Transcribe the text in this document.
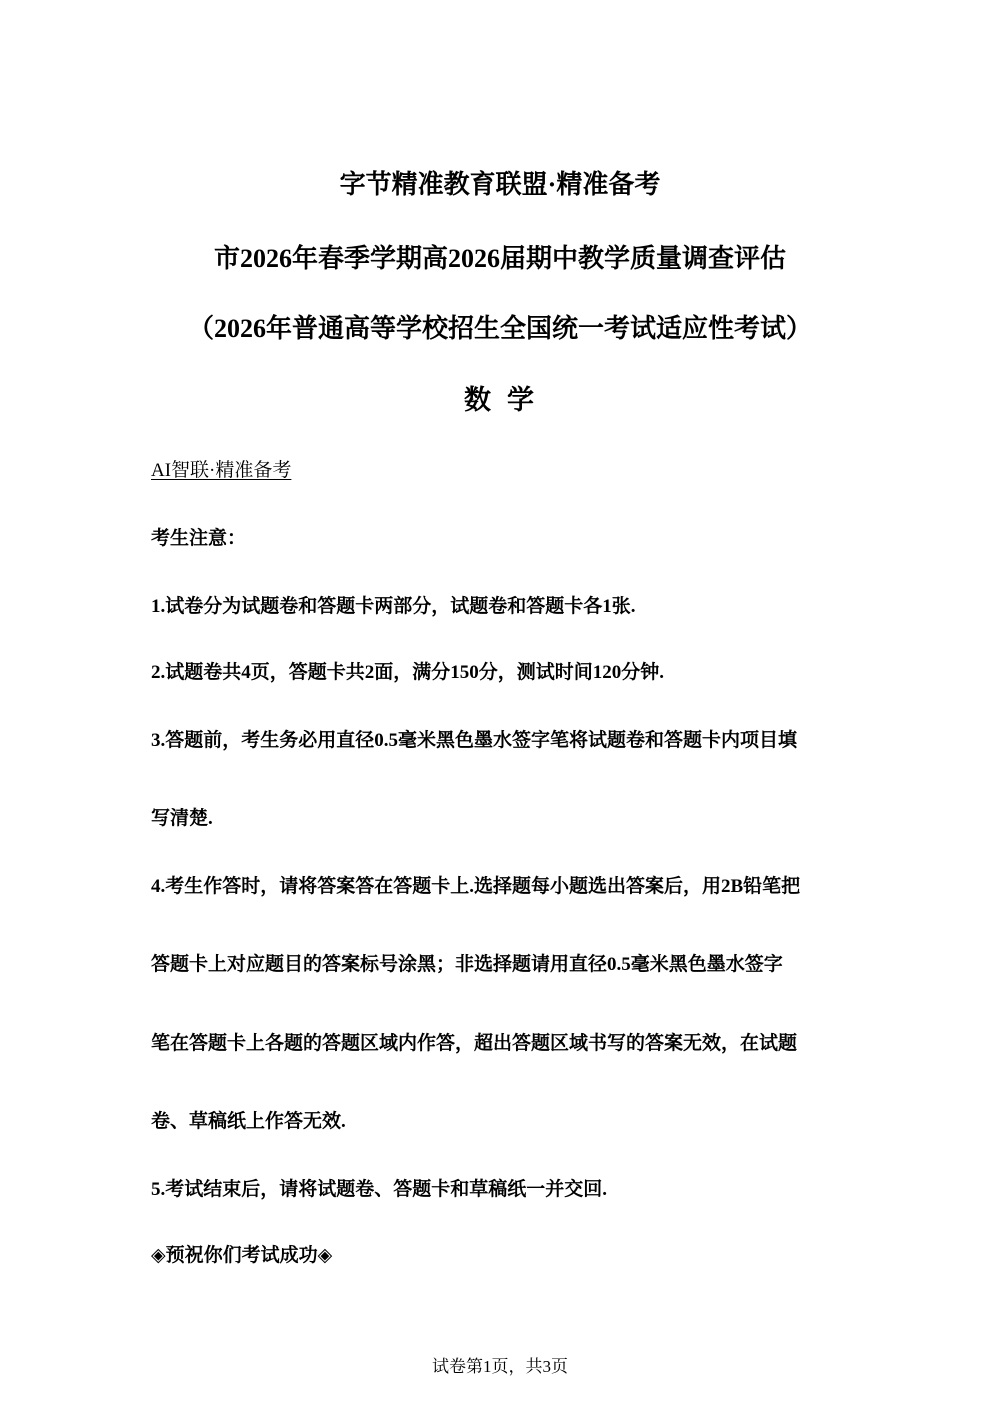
字节精准教育联盟·精准备考
市2026年春季学期高2026届期中教学质量调查评估
（2026年普通高等学校招生全国统一考试适应性考试）
数 学
AI智联·精准备考
考生注意：
1.试卷分为试题卷和答题卡两部分，试题卷和答题卡各1张.
2.试题卷共4页，答题卡共2面，满分150分，测试时间120分钟.
3.答题前，考生务必用直径0.5毫米黑色墨水签字笔将试题卷和答题卡内项目填
写清楚.
4.考生作答时，请将答案答在答题卡上.选择题每小题选出答案后，用2B铅笔把
答题卡上对应题目的答案标号涂黑；非选择题请用直径0.5毫米黑色墨水签字
笔在答题卡上各题的答题区域内作答，超出答题区域书写的答案无效，在试题
卷、草稿纸上作答无效.
5.考试结束后，请将试题卷、答题卡和草稿纸一并交回.
◈预祝你们考试成功◈
试卷第1页，共3页
